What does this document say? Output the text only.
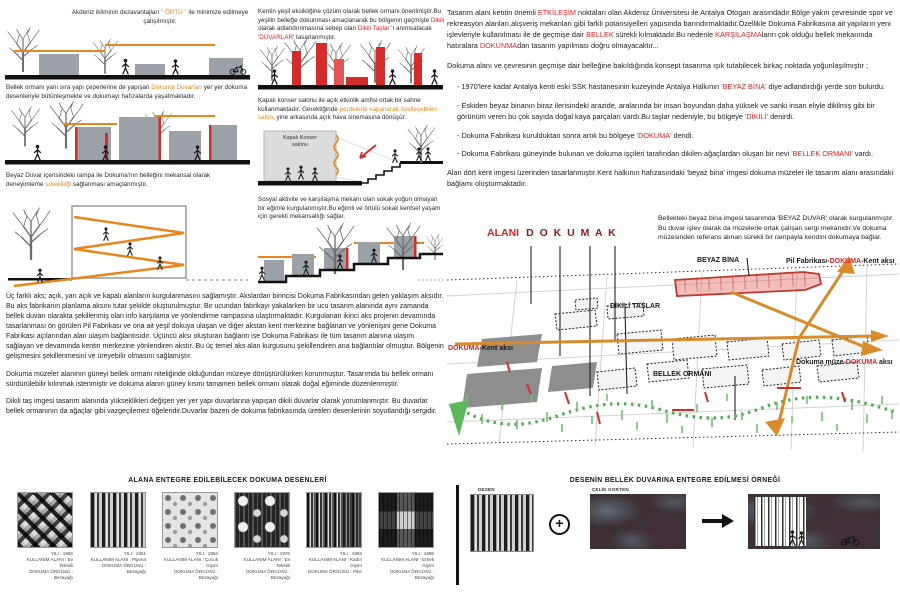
Akdeniz ikliminin dezavantajları " ÖRTÜ " ile minimize edilmeye çalışılmıştır.
Bellek ormanı yanı sıra yapı çeperlerine de yapışan Dokuma Duvarları yer yer dokuma desenleriyle bütünleşmekte ve dokumayı hafızalarda yaşatmaktadır.
Beyaz Duvar içerisindeki rampa ile Dokuma'nın belleğini mekansal olarak deneyimleme sürekliliği sağlanması amaçlanmıştır.
Kentin yeşil eksikliğine çözüm olarak bellek ormanı önerilmiştir.Bu yeşilin belleğe dokunması amaçlanarak bu bölgenin geçmişte Dikili olarak adlandırılmasına sebep olan Dikili Taşlar 'ı anımsatacak 'DUVARLAR' tasarlanmıştır.
Kapalı konser salonu ile açık etkinlik amfisi ortak bir sahne kullanmaktadır. Gerektiğinde perdelerle kapanarak özelleşebilen salon, yine arkasında açık hava sinemasına dönüşür.
Kapalı Konser salonu
Sosyal aktivite ve karşılaşma mekanı olan sokak yoğun olmayan bir eğimle kurgulanmıştır.Bu eğimli ve örtülü sokak kentsel yaşam için gerekli mekansallığı sağlar.

Üç farklı aks; açık, yarı açık ve kapalı alanların kurgulanmasını sağlamıştır. Akslardan birincisi Dokuma Fabrikasından gelen yaklaşım aksıdır. Bu aks fabrikanın planlama aksını tutar şekilde oluşturulmuştur. Bir ucundan fabrikayı yakalarken bir ucu tasarım alanında aynı zamanda bellek duvarı olarakta şekillenmiş olan info karşılama ve yönlendirme rampasına ulaştırmaktadır. Kurgulanan ikinci aks projenin devamında tasarlanması ön görülen Pil Fabrikası ve ona ait yeşil dokuya ulaşan ve diğer akstan kent merkezine bağlanan ve yönlenişini gene Dokuma Fabrikası açılarından alan ulaşım bağlantısıdır. Üçüncü aksı oluşturan bağlantı ise Dokuma Fabrikası ile tüm tasarım alanına ulaşım sağlayan ve devamında kentin merkezine yönlendiren akstır. Bu üç temel aks alan kurgusunu şekillendiren ana bağlantılar olmuştur. Bölgenin gelişmesini şekillenmesini ve üreyebilir olmasını sağlamıştır.

Dokuma müzeler alanının güneyi bellek ormanı niteliğinde olduğundan müzeye dönüştürülürken korunmuştur. Tasarımda bu bellek ormanı sürdürülebilir kılınmak istenmiştir ve dokuma alanın güney kısmı tamamen bellek ormanı olarak doğal eğiminde düzenlenmiştir.

Dikili taş imgesi tasarım alanında yükseklikleri değişen yer yer yapı duvarlarına yapışan dikili duvarlar olarak yorumlanmıştır. Bu duvarlar bellek ormanının da ağaçlar gibi vazgeçilemez öğeleridir.Duvarlar bazen de dokuma fabrikasında üretilen desenlerinin soyutlandığı sergidir.

Tasarım alanı kentin önemli ETKİLEŞİM noktaları olan Akdeniz Üniversitesi ile Antalya Otogarı arasındadır.Bölge yakın çevresinde spor ve rekreasyon alanları,alışveriş mekanları gibi farklı potansiyelleri yapısında barındırmaktadır.Özellikle Dokuma Fabrikasına ait yapıların yeni işlevleriyle kullanılması ile de geçmişe dair BELLEK sürekli kılmaktadır.Bu nedenle KARŞILAŞMAların çok olduğu bellek mekanında hatıralara DOKUNMAdan tasarım yapılması doğru olmayacaktır...

Dokuma alanı ve çevresinin geçmişe dair belleğine bakıldığında konsept tasarıma ışık tutabilecek birkaç noktada yoğunlaşılmıştır ;

- 1970'lere kadar Antalya kenti eski SSK hastanesinin kuzeyinde Antalya Halkının 'BEYAZ BİNA' diye adlandırdığı yerde son bulurdu.

- Eskiden beyaz binanın biraz ilerisindeki arazide, aralarında bir insan boyundan daha yüksek ve sanki insan eliyle dikilmiş gibi bir görünüm veren bu çok sayıda doğal kaya parçaları vardı.Bu taşlar nedeniyle, bu bölgeye 'DİKİLİ' denirdi.

- Dokuma Fabrikası kurulduktan sonra artık bu bölgeye 'DOKUMA' dendi.

- Dokuma Fabrikası güneyinde bulunan ve dokuma işçileri tarafından dikilen ağaçlardan oluşan bir nevi 'BELLEK ORMANI' vardı.

Alan dört kent imgesi üzerinden tasarlanmıştır.Kent halkının hafızasındaki 'beyaz bina' imgesi dokuma müzeler ile tasarım alanı arasındaki bağlamı oluşturmaktadır.

ALANI D O K U M A K
Bellekteki beyaz bina imgesi tasarımda 'BEYAZ DUVAR' olarak kurgulanmıştır. Bu duvar işlev olarak da müzelerle ortak çalışan sergi mekanıdır.Ve dokuma müzesinden referans alınan sürekli bir rampayla kendini dokumaya bağlar.
BEYAZ BİNA	Pil Fabrikası-DOKUMA-Kent aksı
DİKİLİ TAŞLAR
DOKUMA-Kent aksı
Dokuma müze-DOKUMA aksı
BELLEK ORMANI
ALANA ENTEGRE EDİLEBİLECEK DOKUMA DESENLERİ
YILI : 1956
KULLANIM ALANI : Ev Tekstili
DOKUMA ÖRGÜSÜ : Bezayağı
YILI : 1961
KULLANIM ALANI : Pijama
DOKUMA ÖRGÜSÜ : Bezayağı
YILI : 1964
KULLANIM ALANI : Çocuk Giyim
DOKUMA ÖRGÜSÜ : Bezayağı
YILI : 1976
KULLANIM ALANI : Ev Tekstili
DOKUMA ÖRGÜSÜ : Bezayağı
YILI : 1993
KULLANIM ALANI : Kadın Giyim
DOKUMA ÖRGÜSÜ : Pike
YILI : 1995
KULLANIM ALANI : Erkek Giyim
DOKUMA ÖRGÜSÜ : Bezayağı
DESENİN BELLEK DUVARINA ENTEGRE EDİLMESİ ÖRNEĞİ
DESEN
+
ÇELİK KORTEN
